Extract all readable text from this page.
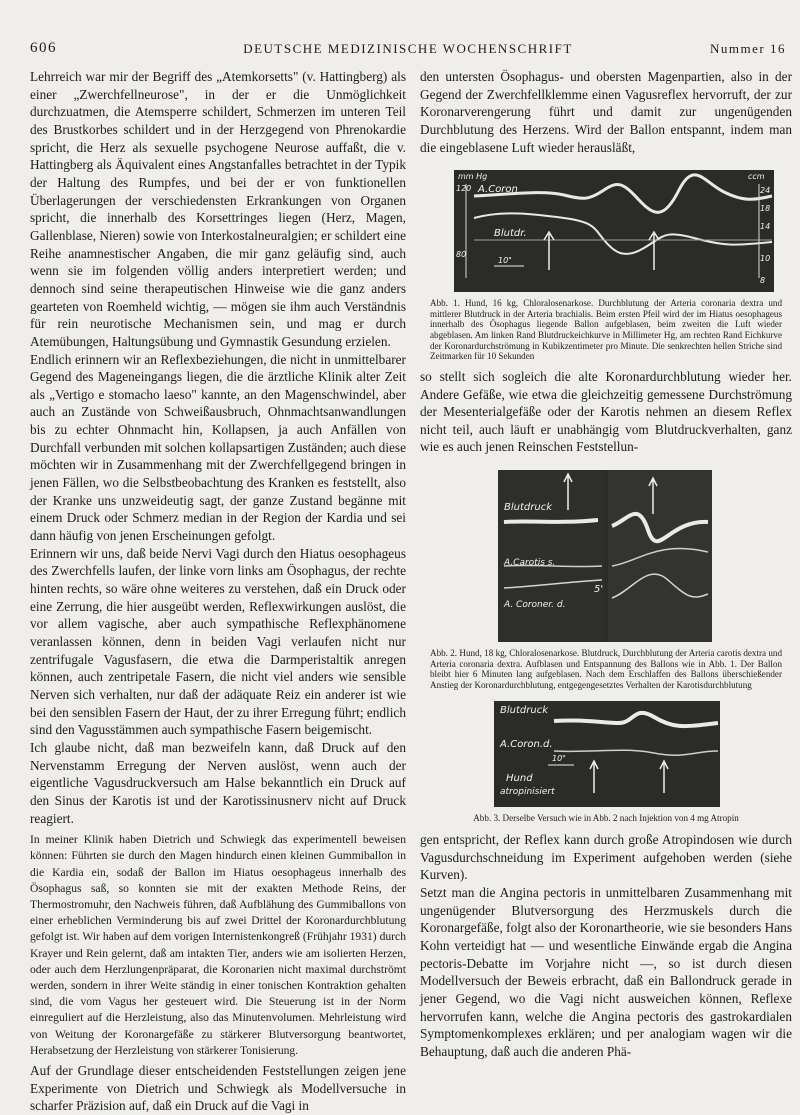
606	DEUTSCHE MEDIZINISCHE WOCHENSCHRIFT	Nummer 16

Lehrreich war mir der Begriff des „Atemkorsetts" (v. Hattingberg) als einer „Zwerchfellneurose", in der er die Unmöglichkeit durchzuatmen, die Atemsperre schildert, Schmerzen im unteren Teil des Brustkorbes schildert und in der Herzgegend von Phrenokardie spricht, die Herz als sexuelle psychogene Neurose auffaßt, die v. Hattingberg als Äquivalent eines Angstanfalles betrachtet in der Typik der Haltung des Rumpfes, und bei der er von funktionellen Überlagerungen der verschiedensten Erkrankungen von Organen spricht, die innerhalb des Korsettringes liegen (Herz, Magen, Gallenblase, Nieren) sowie von Interkostalneuralgien; er schildert eine Reihe anamnestischer Angaben, die mir ganz geläufig sind, auch wenn sie im folgenden völlig anders interpretiert werden; und dennoch sind seine therapeutischen Hinweise wie die ganz anders gearteten von Roemheld wichtig, — mögen sie ihm auch Verständnis für rein neurotische Mechanismen sein, und mag er durch Atemübungen, Haltungsübung und Gymnastik Gesundung erzielen.

Endlich erinnern wir an Reflexbeziehungen, die nicht in unmittelbarer Gegend des Mageneingangs liegen, die die ärztliche Klinik alter Zeit als „Vertigo e stomacho laeso" kannte, an den Magenschwindel, aber auch an Zustände von Schweißausbruch, Ohnmachtsanwandlungen bis zu echter Ohnmacht hin, Kollapsen, ja auch Anfällen von Durchfall verbunden mit solchen kollapsartigen Zuständen; auch diese möchten wir in Zusammenhang mit der Zwerchfellgegend bringen in jenen Fällen, wo die Selbstbeobachtung des Kranken es feststellt, also der Kranke uns unzweideutig sagt, der ganze Zustand begänne mit einem Druck oder Schmerz median in der Region der Kardia und sei dann häufig von jenen Erscheinungen gefolgt.

Erinnern wir uns, daß beide Nervi Vagi durch den Hiatus oesophageus des Zwerchfells laufen, der linke vorn links am Ösophagus, der rechte hinten rechts, so wäre ohne weiteres zu verstehen, daß ein Druck oder eine Zerrung, die hier ausgeübt werden, Reflexwirkungen auslöst, die vor allem vagische, aber auch sympathische Reflexphänomene veranlassen können, denn in beiden Vagi verlaufen nicht nur zentrifugale Vagusfasern, die etwa die Darmperistaltik anregen können, auch zentripetale Fasern, die nicht viel anders wie sensible Nerven sich verhalten, nur daß der adäquate Reiz ein anderer ist wie bei den sensiblen Fasern der Haut, der zu ihrer Erregung führt; endlich sind den Vagusstämmen auch sympathische Fasern beigemischt.

Ich glaube nicht, daß man bezweifeln kann, daß Druck auf den Nervenstamm Erregung der Nerven auslöst, wenn auch der eigentliche Vagusdruckversuch am Halse bekanntlich ein Druck auf den Sinus der Karotis ist und der Karotissinusnerv nicht auf Druck reagiert.

In meiner Klinik haben Dietrich und Schwiegk das experimentell beweisen können: Führten sie durch den Magen hindurch einen kleinen Gummiballon in die Kardia ein, sodaß der Ballon im Hiatus oesophageus innerhalb des Ösophagus saß, so konnten sie mit der exakten Methode Reins, der Thermostromuhr, den Nachweis führen, daß Aufblähung des Gummiballons von einer erheblichen Verminderung bis auf zwei Drittel der Koronardurchblutung gefolgt ist. Wir haben auf dem vorigen Internistenkongreß (Frühjahr 1931) durch Krayer und Rein gelernt, daß am intakten Tier, anders wie am isolierten Herzen, oder auch dem Herzlungenpräparat, die Koronarien nicht maximal durchströmt werden, sondern in ihrer Weite ständig in einer tonischen Kontraktion gehalten sind, die vom Vagus her gesteuert wird. Die Steuerung ist in der Norm einreguliert auf die Herzleistung, also das Minutenvolumen. Mehrleistung wird von Weitung der Koronargefäße zu stärkerer Blutversorgung beantwortet, Herabsetzung der Herzleistung von stärkerer Tonisierung.

Auf der Grundlage dieser entscheidenden Feststellungen zeigen jene Experimente von Dietrich und Schwiegk als Modellversuche in scharfer Präzision auf, daß ein Druck auf die Vagi in

den untersten Ösophagus- und obersten Magenpartien, also in der Gegend der Zwerchfellklemme einen Vagusreflex hervorruft, der zur Koronarverengerung führt und damit zur ungenügenden Durchblutung des Herzens. Wird der Ballon entspannt, indem man die eingeblasene Luft wieder herausläßt,

mm Hg
120
80
A.Coron
Blutdr.
10"
ccm
24
18
14
10
8
Abb. 1. Hund, 16 kg, Chloralosenarkose. Durchblutung der Arteria coronaria dextra und mittlerer Blutdruck in der Arteria brachialis. Beim ersten Pfeil wird der im Hiatus oesophageus innerhalb des Ösophagus liegende Ballon aufgeblasen, beim zweiten die Luft wieder abgeblasen. Am linken Rand Blutdruckeichkurve in Millimeter Hg, am rechten Rand Eichkurve der Koronardurchströmung in Kubikzentimeter pro Minute. Die senkrechten hellen Striche sind Zeitmarken für 10 Sekunden

so stellt sich sogleich die alte Koronardurchblutung wieder her. Andere Gefäße, wie etwa die gleichzeitig gemessene Durchströmung der Mesenterialgefäße oder der Karotis nehmen an diesem Reflex nicht teil, auch läuft er unabhängig vom Blutdruckverhalten, ganz wie es auch jenen Reinschen Feststellun-

Blutdruck
A.Carotis s.
A. Coroner. d.
5'
Abb. 2. Hund, 18 kg, Chloralosenarkose. Blutdruck, Durchblutung der Arteria carotis dextra und Arteria coronaria dextra. Aufblasen und Entspannung des Ballons wie in Abb. 1. Der Ballon bleibt hier 6 Minuten lang aufgeblasen. Nach dem Erschlaffen des Ballons überschießender Anstieg der Koronardurchblutung, entgegengesetztes Verhalten der Karotisdurchblutung
Blutdruck
A.Coron.d.
10"
Hund
atropinisiert
Abb. 3. Derselbe Versuch wie in Abb. 2 nach Injektion von 4 mg Atropin

gen entspricht, der Reflex kann durch große Atropindosen wie durch Vagusdurchschneidung im Experiment aufgehoben werden (siehe Kurven).

Setzt man die Angina pectoris in unmittelbaren Zusammenhang mit ungenügender Blutversorgung des Herzmuskels durch die Koronargefäße, folgt also der Koronartheorie, wie sie besonders Hans Kohn verteidigt hat — und wesentliche Einwände ergab die Angina pectoris-Debatte im Vorjahre nicht —, so ist durch diesen Modellversuch der Beweis erbracht, daß ein Ballondruck gerade in jener Gegend, wo die Vagi nicht ausweichen können, Reflexe hervorrufen kann, welche die Angina pectoris des gastrokardialen Symptomenkomplexes erklären; und per analogiam wagen wir die Behauptung, daß auch die anderen Phä-
